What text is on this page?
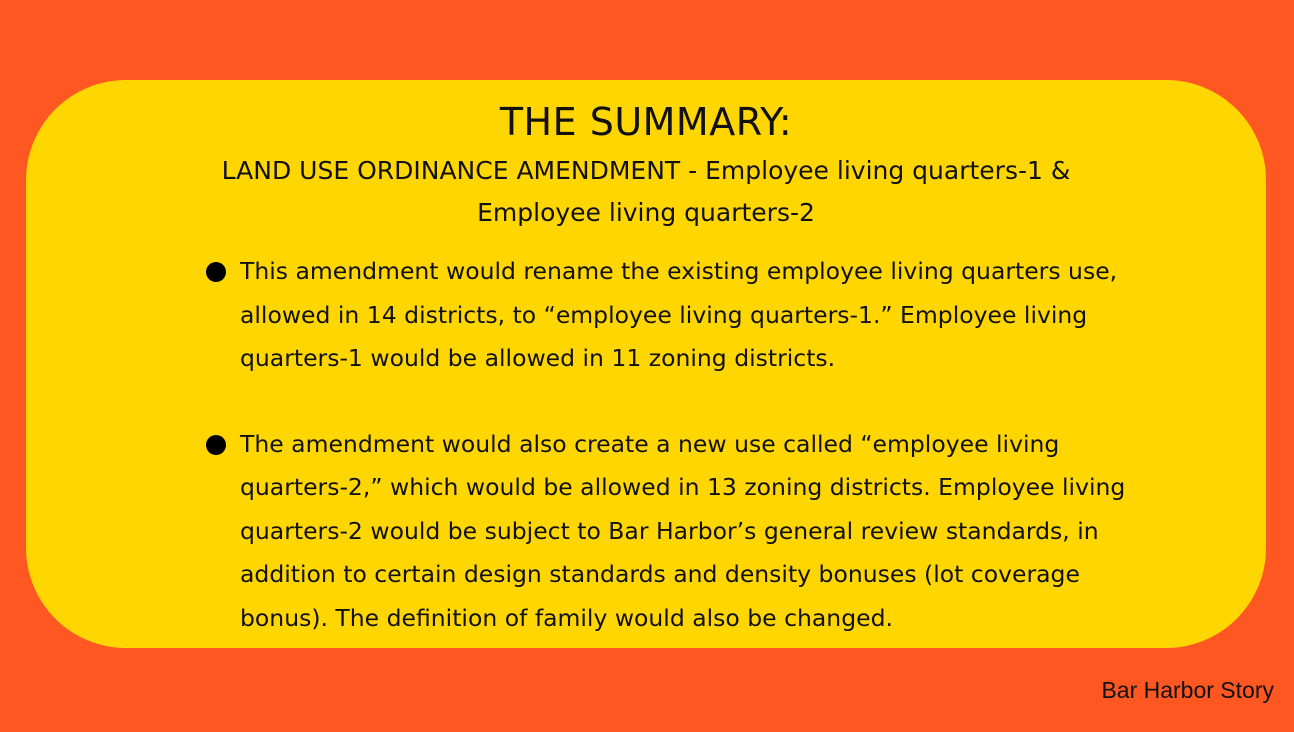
THE SUMMARY:

LAND USE ORDINANCE AMENDMENT - Employee living quarters-1 & Employee living quarters-2

This amendment would rename the existing employee living quarters use, allowed in 14 districts, to “employee living quarters-1.” Employee living quarters-1 would be allowed in 11 zoning districts.
The amendment would also create a new use called “employee living quarters-2,” which would be allowed in 13 zoning districts. Employee living quarters-2 would be subject to Bar Harbor’s general review standards, in addition to certain design standards and density bonuses (lot coverage bonus). The definition of family would also be changed.

Bar Harbor Story
